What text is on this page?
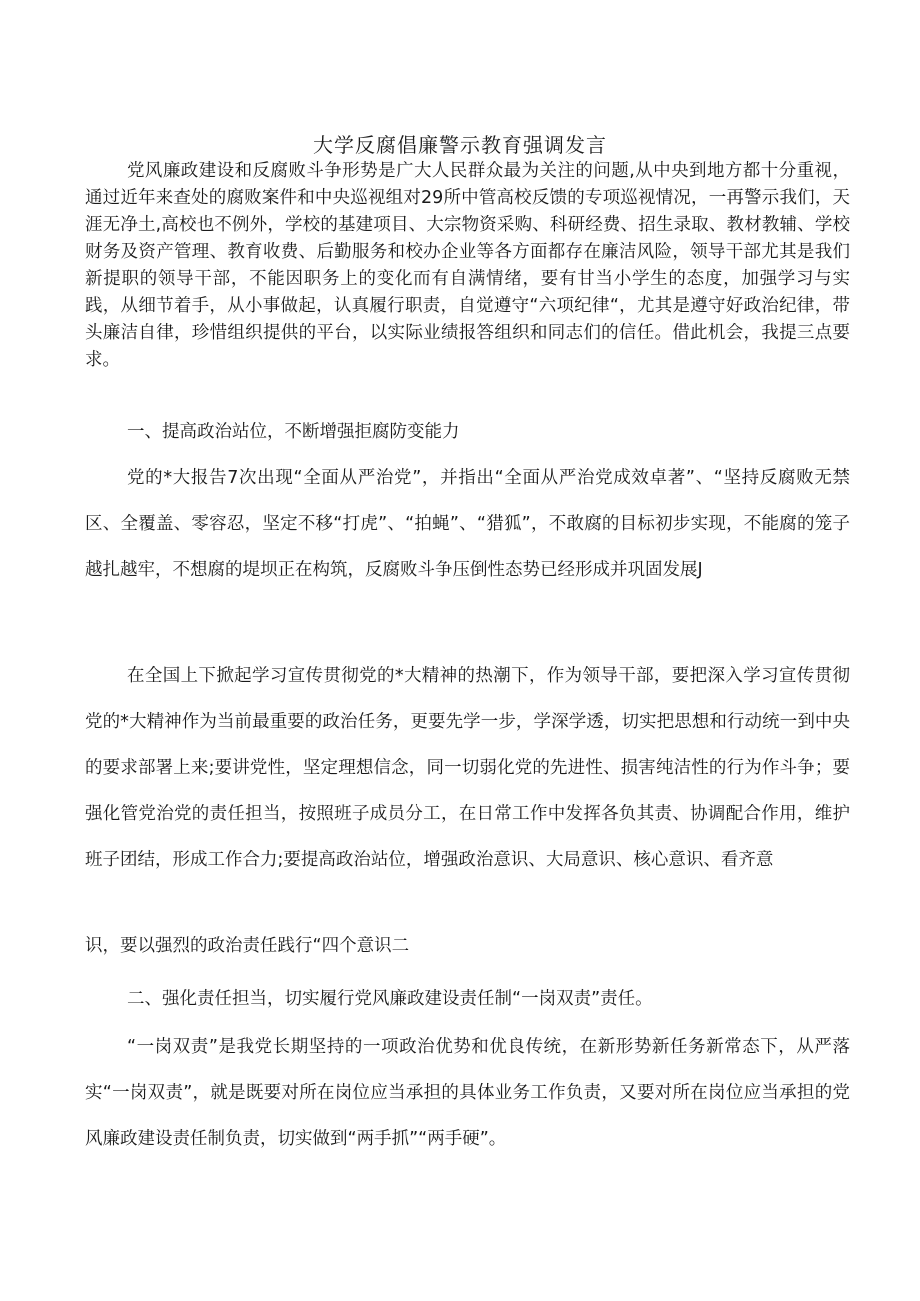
大学反腐倡廉警示教育强调发言

党风廉政建设和反腐败斗争形势是广大人民群众最为关注的问题,从中央到地方都十分重视，通过近年来查处的腐败案件和中央巡视组对29所中管高校反馈的专项巡视情况，一再警示我们，天涯无净土,高校也不例外，学校的基建项目、大宗物资采购、科研经费、招生录取、教材教辅、学校财务及资产管理、教育收费、后勤服务和校办企业等各方面都存在廉洁风险，领导干部尤其是我们新提职的领导干部，不能因职务上的变化而有自满情绪，要有甘当小学生的态度，加强学习与实践，从细节着手，从小事做起，认真履行职责，自觉遵守“六项纪律“，尤其是遵守好政治纪律，带头廉洁自律，珍惜组织提供的平台，以实际业绩报答组织和同志们的信任。借此机会，我提三点要求。

一、提高政治站位，不断增强拒腐防变能力

党的*大报告7次出现“全面从严治党”，并指出“全面从严治党成效卓著”、“坚持反腐败无禁区、全覆盖、零容忍，坚定不移“打虎”、“拍蝇”、“猎狐”，不敢腐的目标初步实现，不能腐的笼子越扎越牢，不想腐的堤坝正在构筑，反腐败斗争压倒性态势已经形成并巩固发展J

在全国上下掀起学习宣传贯彻党的*大精神的热潮下，作为领导干部，要把深入学习宣传贯彻党的*大精神作为当前最重要的政治任务，更要先学一步，学深学透，切实把思想和行动统一到中央的要求部署上来;要讲党性，坚定理想信念，同一切弱化党的先进性、损害纯洁性的行为作斗争；要强化管党治党的责任担当，按照班子成员分工，在日常工作中发挥各负其责、协调配合作用，维护班子团结，形成工作合力;要提高政治站位，增强政治意识、大局意识、核心意识、看齐意

识，要以强烈的政治责任践行“四个意识二

二、强化责任担当，切实履行党风廉政建设责任制“一岗双责”责任。

“一岗双责”是我党长期坚持的一项政治优势和优良传统，在新形势新任务新常态下，从严落实“一岗双责”，就是既要对所在岗位应当承担的具体业务工作负责，又要对所在岗位应当承担的党风廉政建设责任制负责，切实做到“两手抓”“两手硬”。
